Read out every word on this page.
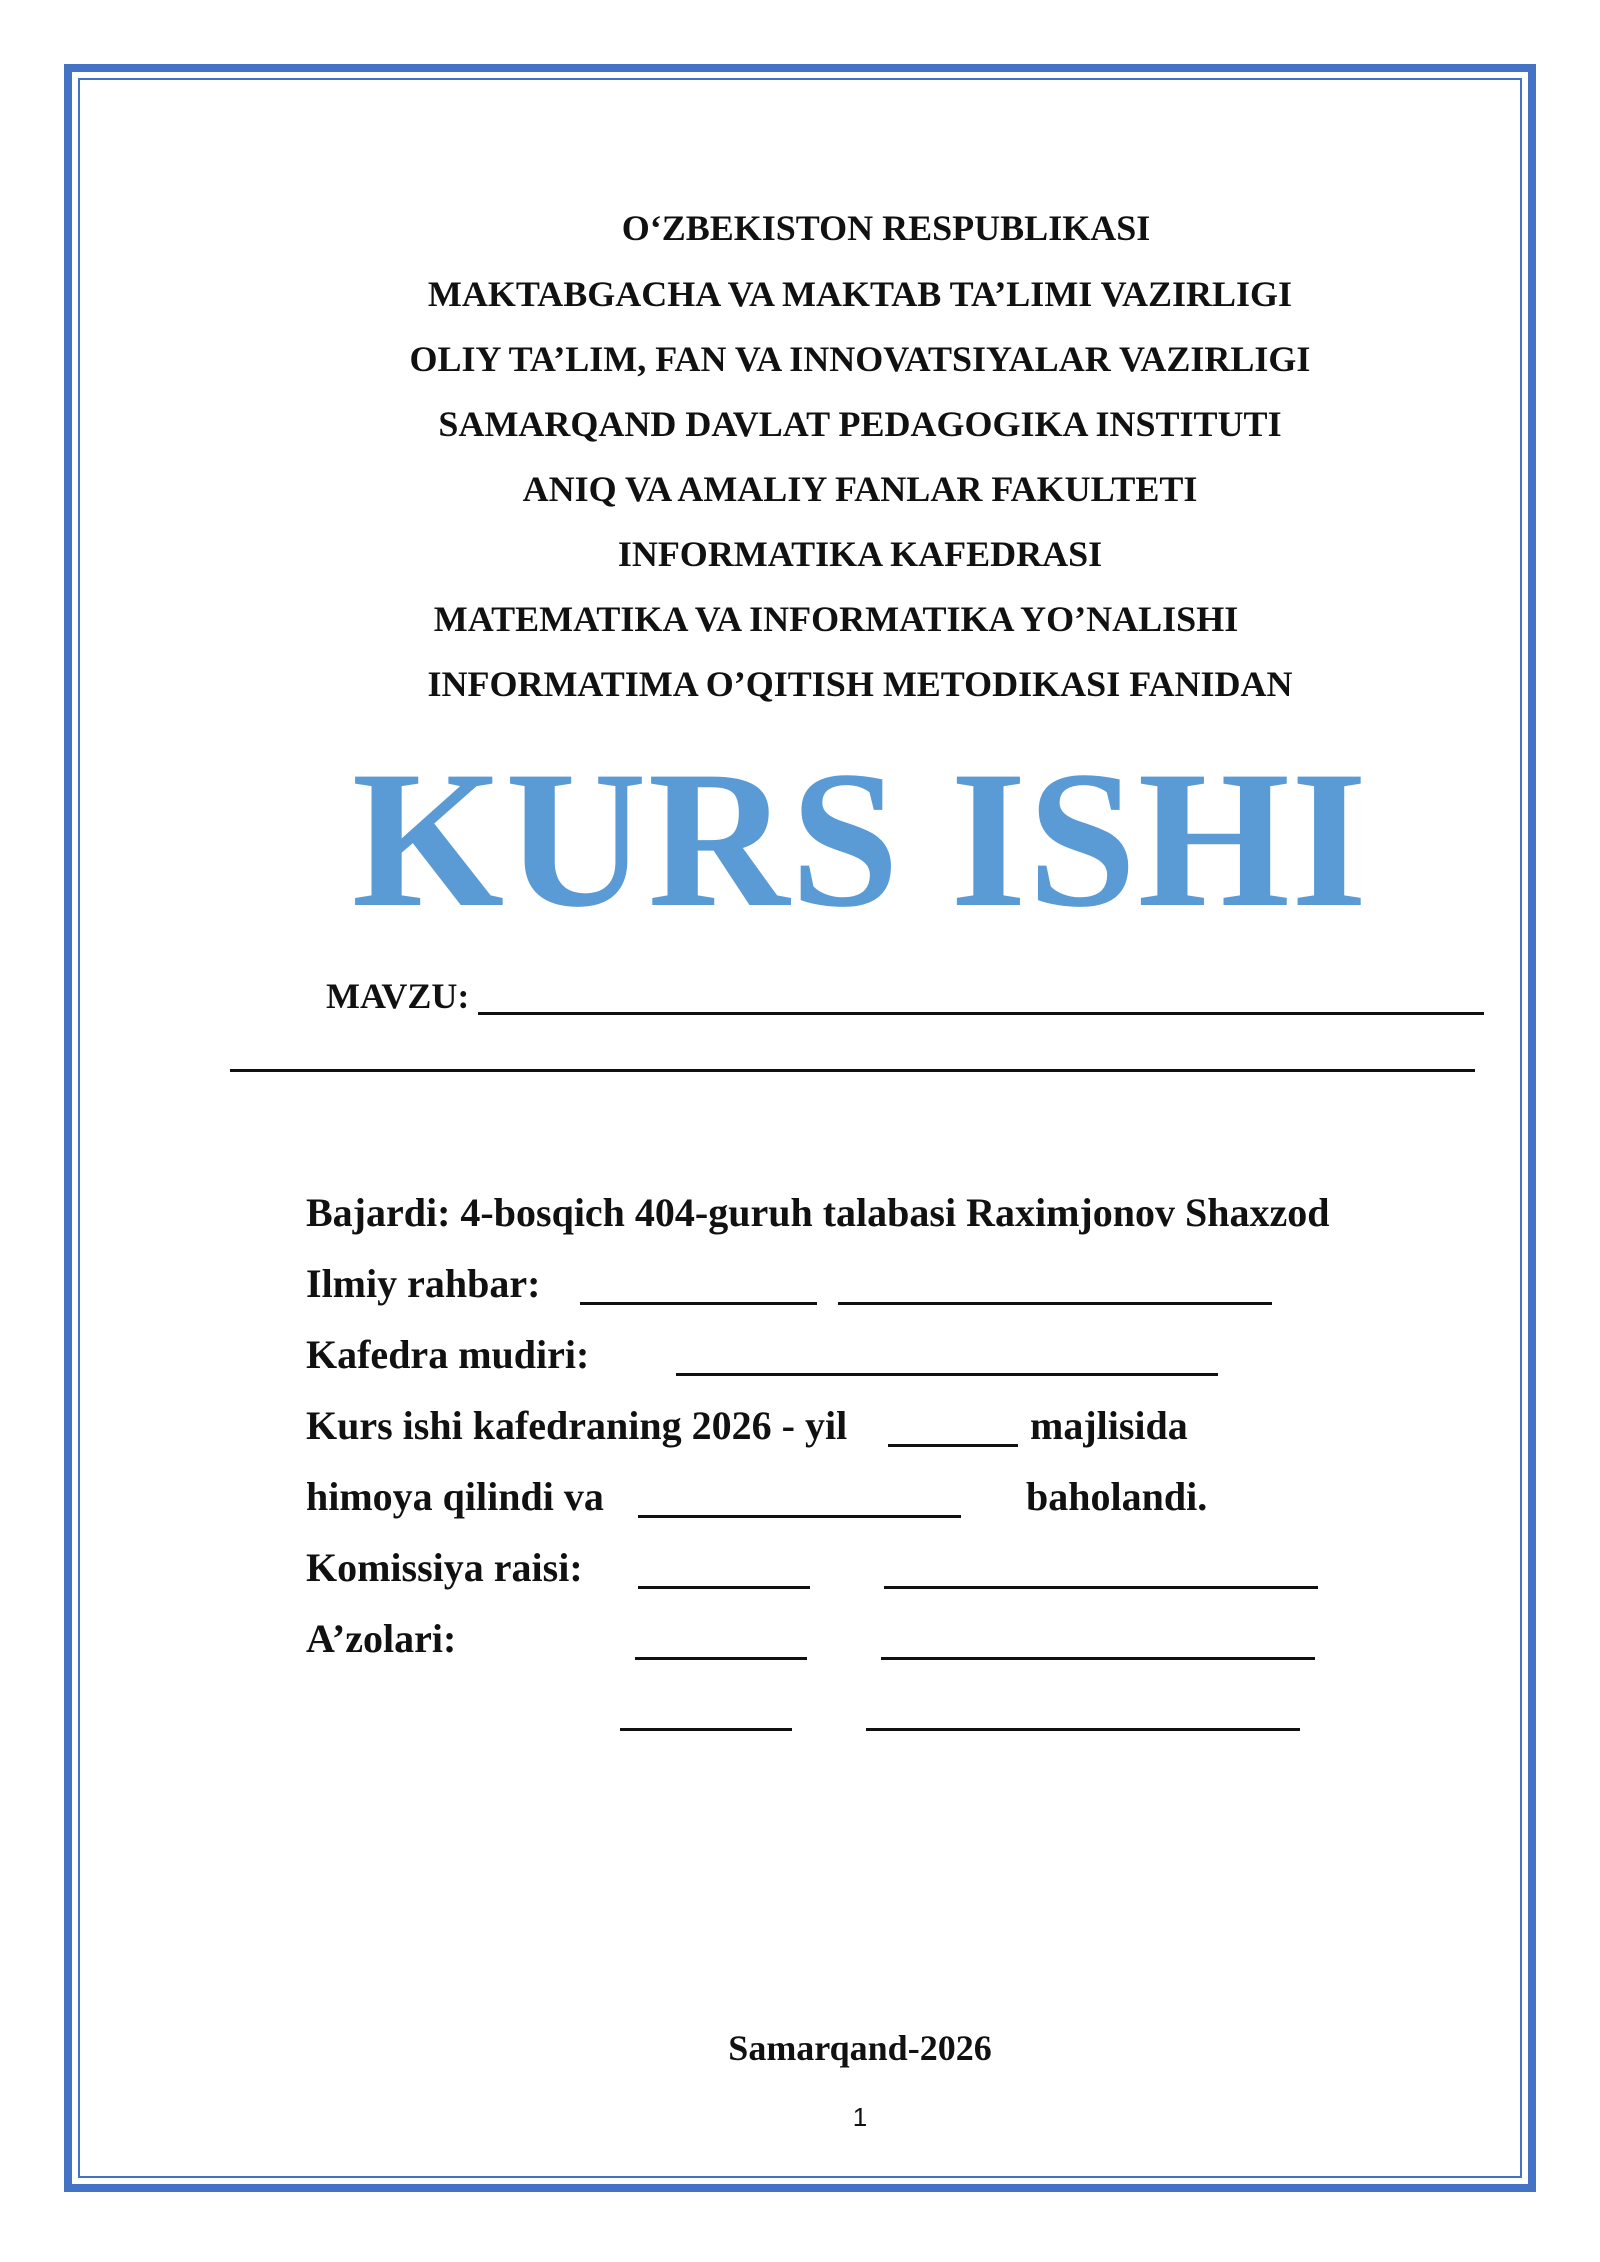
O‘ZBEKISTON RESPUBLIKASI
MAKTABGACHA VA MAKTAB TA’LIMI VAZIRLIGI
OLIY TA’LIM, FAN VA INNOVATSIYALAR VAZIRLIGI
SAMARQAND DAVLAT PEDAGOGIKA INSTITUTI
ANIQ VA AMALIY FANLAR FAKULTETI
INFORMATIKA KAFEDRASI
MATEMATIKA VA INFORMATIKA YO’NALISHI
INFORMATIMA O’QITISH METODIKASI FANIDAN
KURS ISHI
MAVZU:
Bajardi: 4-bosqich 404-guruh talabasi Raximjonov Shaxzod
Ilmiy rahbar:
Kafedra mudiri:
Kurs ishi kafedraning 2026 - yil	majlisida
himoya qilindi va	baholandi.
Komissiya raisi:
A’zolari:
Samarqand-2026
1
